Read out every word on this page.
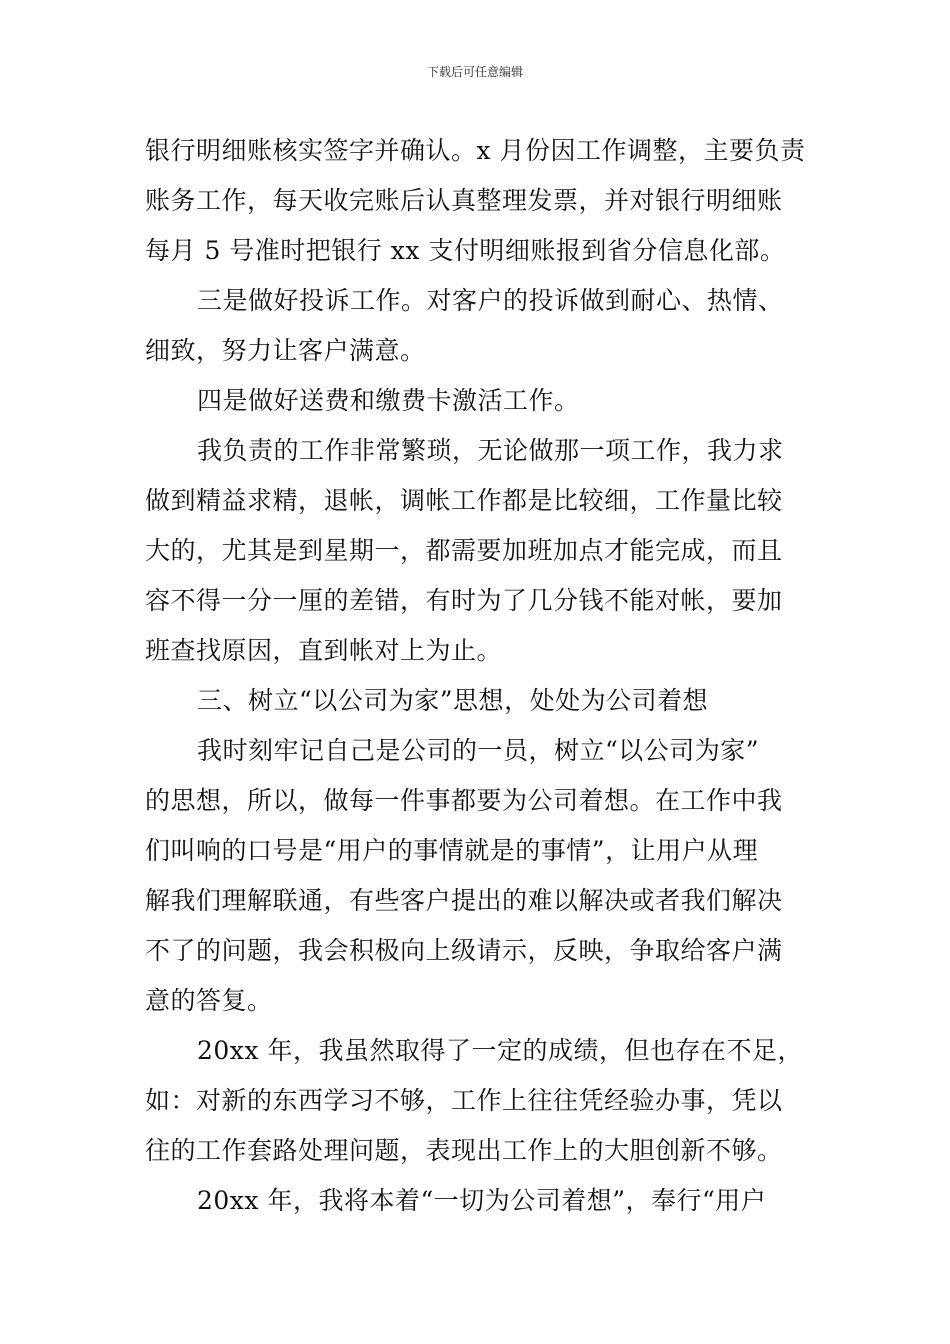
下载后可任意编辑
银行明细账核实签字并确认。x 月份因工作调整，主要负责
账务工作，每天收完账后认真整理发票，并对银行明细账
每月 5 号准时把银行 xx 支付明细账报到省分信息化部。
三是做好投诉工作。对客户的投诉做到耐心、热情、
细致，努力让客户满意。
四是做好送费和缴费卡激活工作。
我负责的工作非常繁琐，无论做那一项工作，我力求
做到精益求精，退帐，调帐工作都是比较细，工作量比较
大的，尤其是到星期一，都需要加班加点才能完成，而且
容不得一分一厘的差错，有时为了几分钱不能对帐，要加
班查找原因，直到帐对上为止。
三、树立“以公司为家”思想，处处为公司着想
我时刻牢记自己是公司的一员，树立“以公司为家”
的思想，所以，做每一件事都要为公司着想。在工作中我
们叫响的口号是“用户的事情就是的事情”，让用户从理
解我们理解联通，有些客户提出的难以解决或者我们解决
不了的问题，我会积极向上级请示，反映，争取给客户满
意的答复。
20xx 年，我虽然取得了一定的成绩，但也存在不足，
如：对新的东西学习不够，工作上往往凭经验办事，凭以
往的工作套路处理问题，表现出工作上的大胆创新不够。
20xx 年，我将本着“一切为公司着想”，奉行“用户
